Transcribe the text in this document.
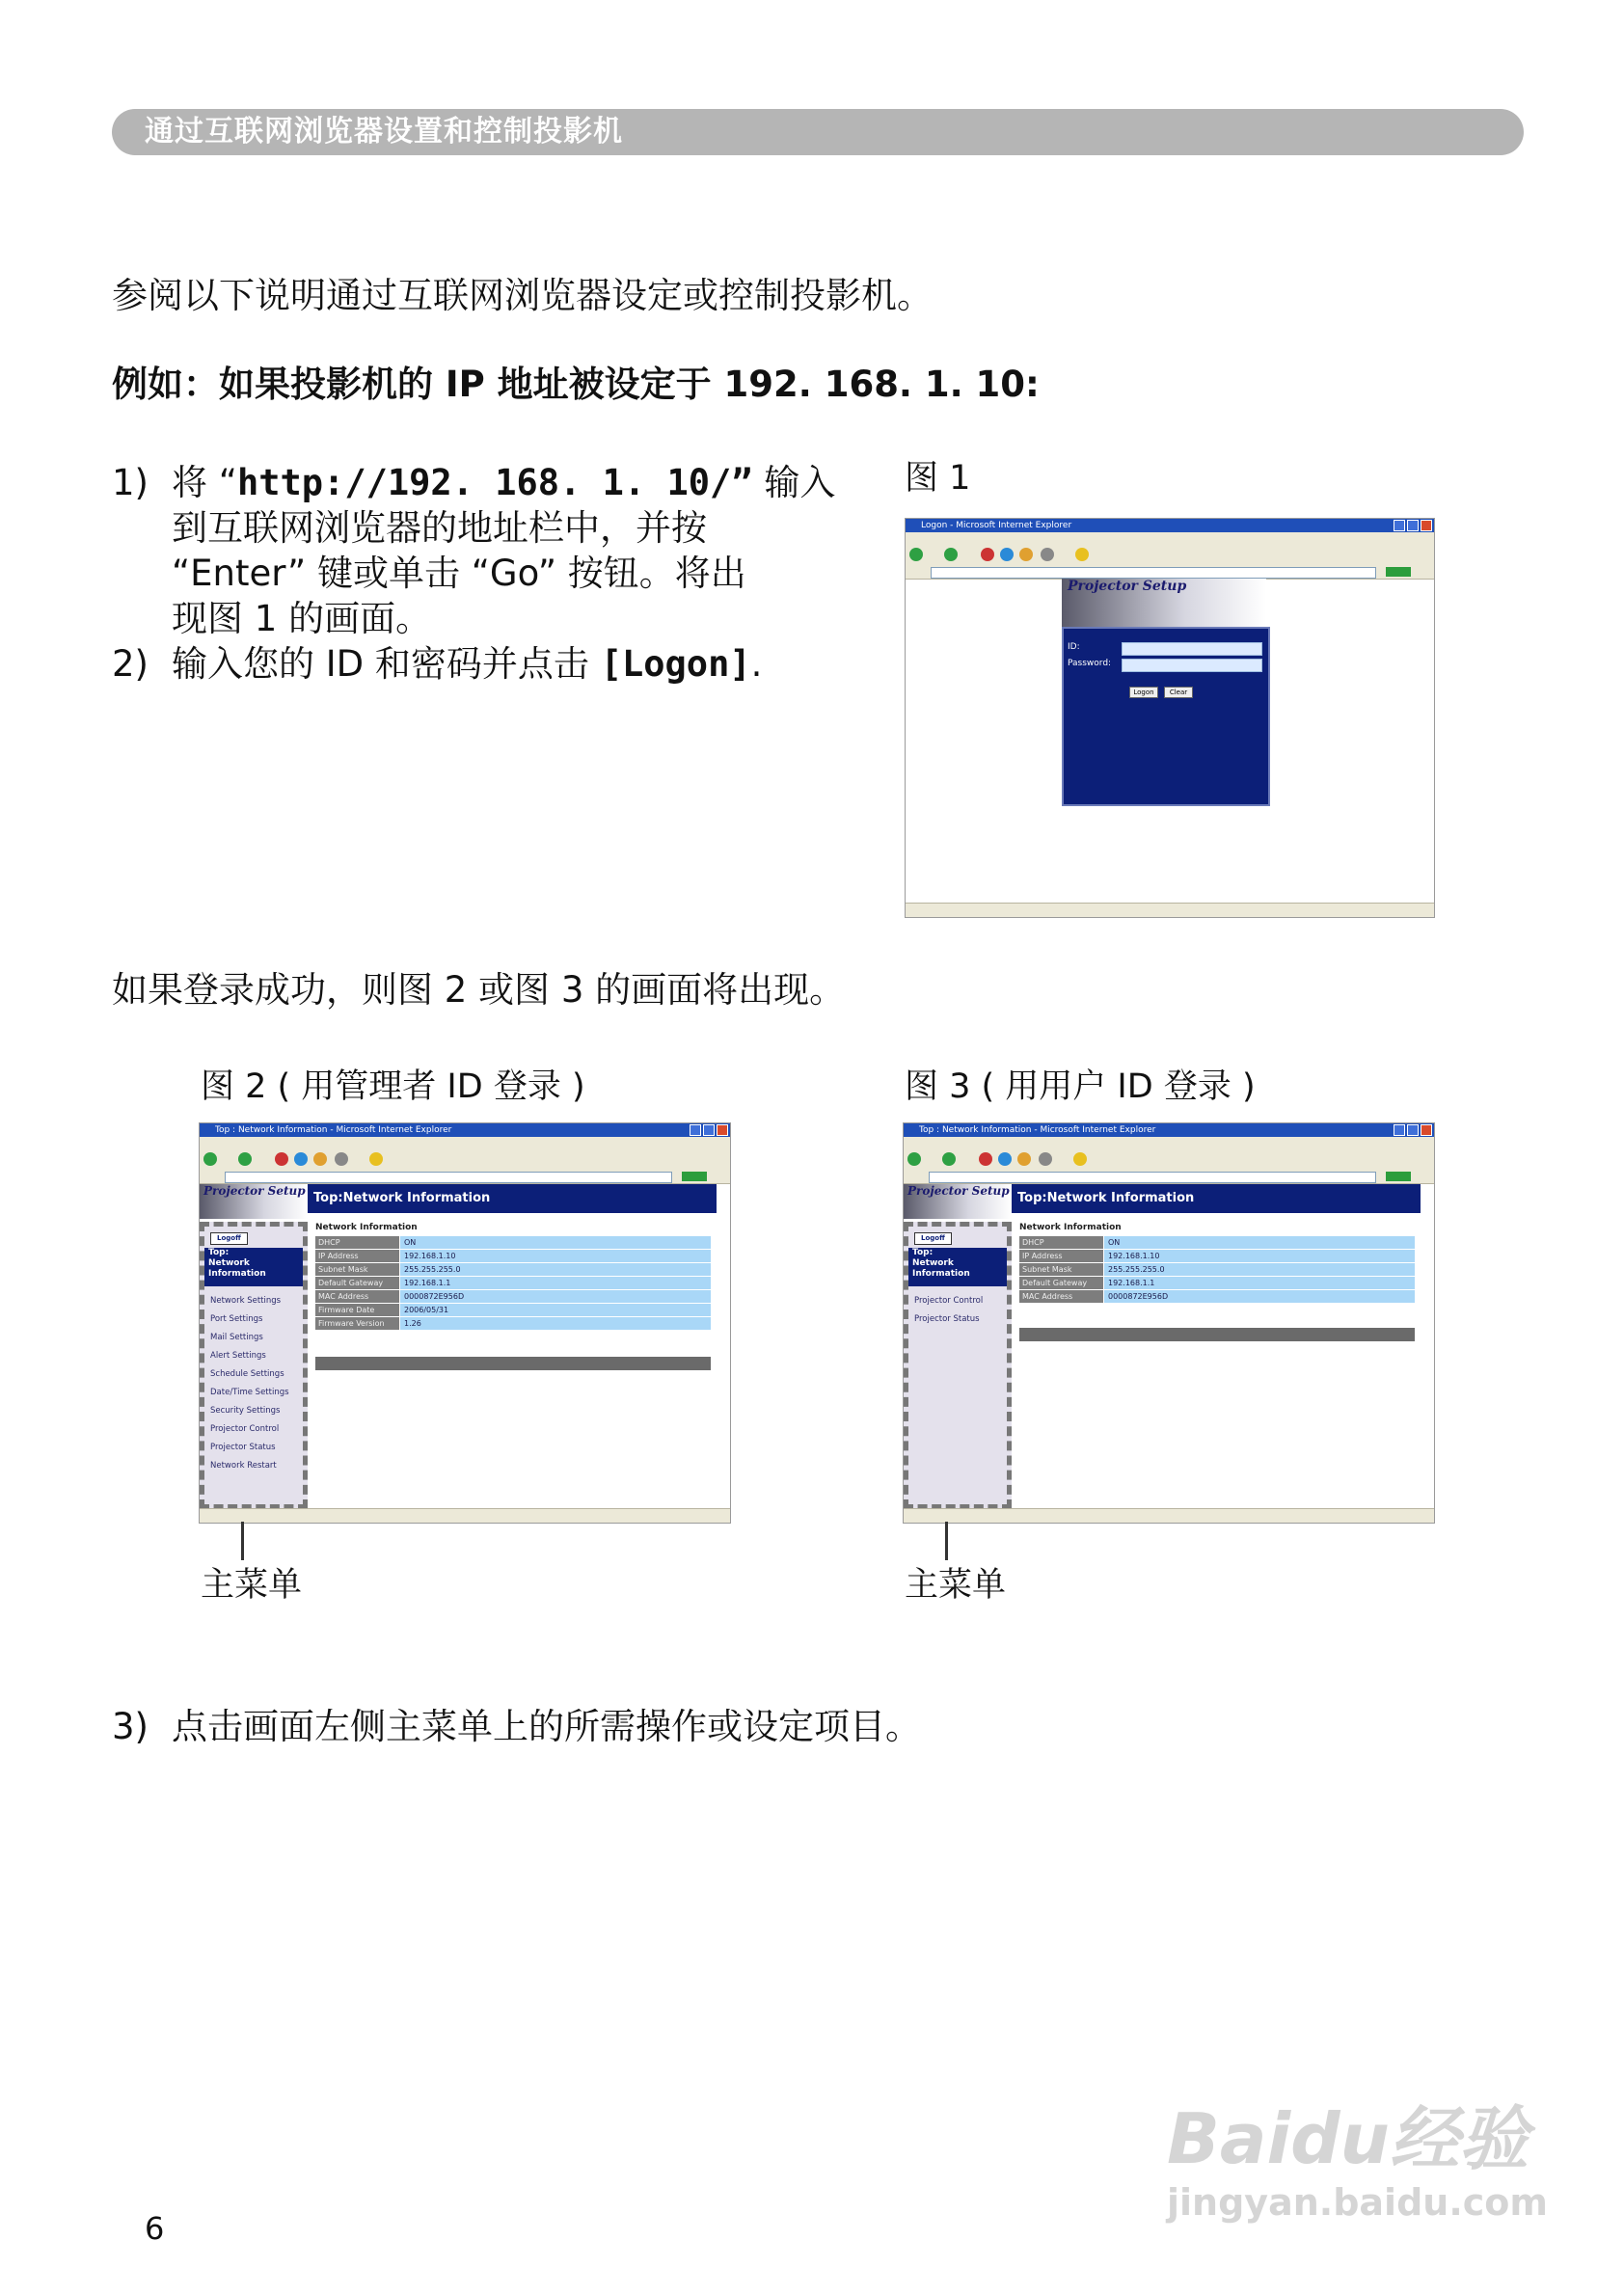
通过互联网浏览器设置和控制投影机
参阅以下说明通过互联网浏览器设定或控制投影机。
例如：如果投影机的 IP 地址被设定于 192. 168. 1. 10:
1) 将 “http://192. 168. 1. 10/” 输入
到互联网浏览器的地址栏中，并按
“Enter” 键或单击 “Go” 按钮。将出
现图 1 的画面。
2) 输入您的 ID 和密码并点击 [Logon].
图 1
Logon - Microsoft Internet Explorer
Projector Setup
ID:
Password:
Logon	Clear
如果登录成功，则图 2 或图 3 的画面将出现。
图 2 ( 用管理者 ID 登录 )	图 3 ( 用用户 ID 登录 )
Top : Network Information - Microsoft Internet Explorer
Projector Setup Top:Network Information
Logoff
Top:
Network
Information
Network Settings
Port Settings
Mail Settings
Alert Settings
Schedule Settings
Date/Time Settings
Security Settings
Projector Control
Projector Status
Network Restart
Network Information
DHCP	ON
IP Address	192.168.1.10
Subnet Mask	255.255.255.0
Default Gateway	192.168.1.1
MAC Address	0000872E956D
Firmware Date	2006/05/31
Firmware Version	1.26
Top : Network Information - Microsoft Internet Explorer
Projector Setup Top:Network Information
Logoff
Top:
Network
Information
Projector Control
Projector Status
Network Information
DHCP	ON
IP Address	192.168.1.10
Subnet Mask	255.255.255.0
Default Gateway	192.168.1.1
MAC Address	0000872E956D
主菜单	主菜单
3) 点击画面左侧主菜单上的所需操作或设定项目。
6
Baidu经验
jingyan.baidu.com
